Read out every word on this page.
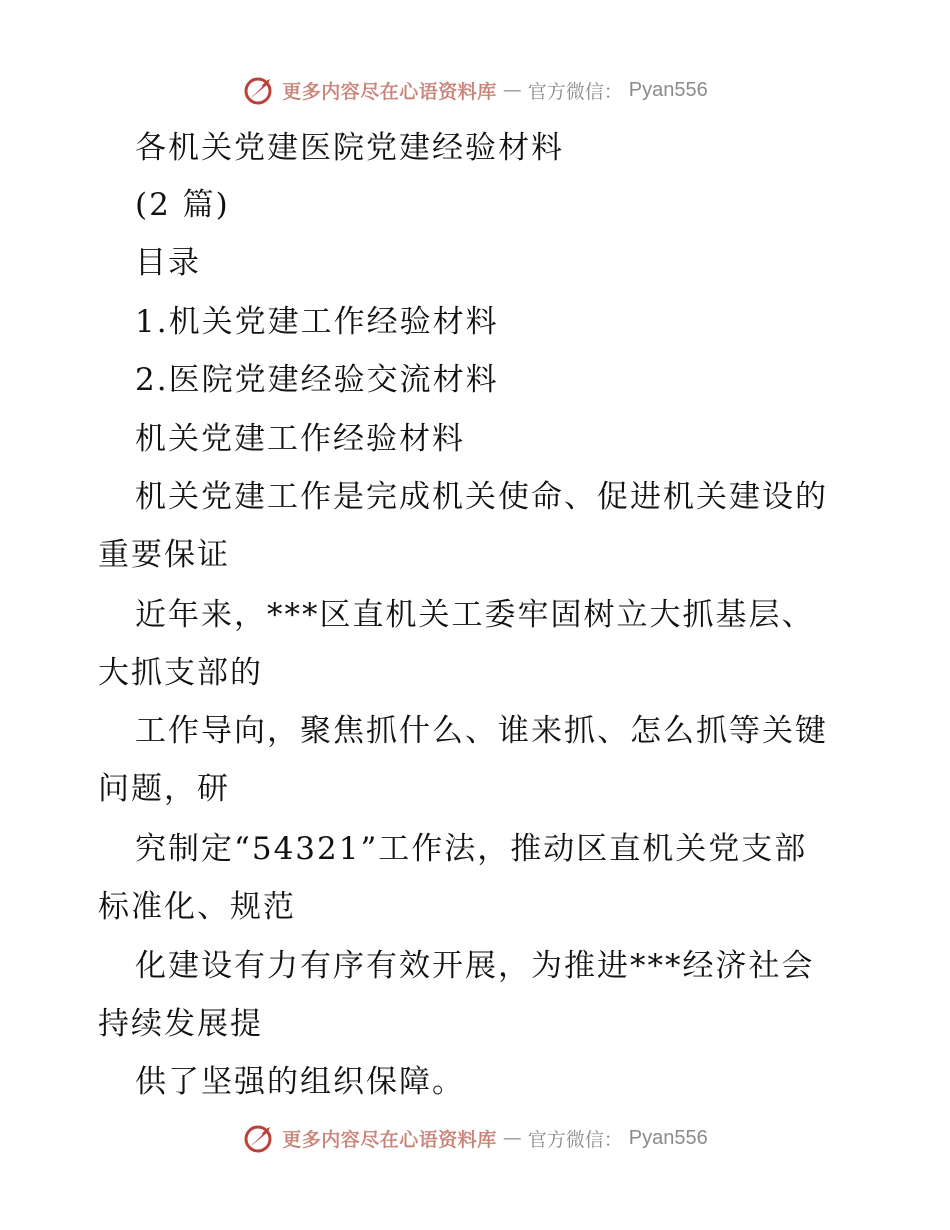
更多内容尽在心语资料库 — 官方微信： Pyan556
各机关党建医院党建经验材料
(2 篇)
目录
1.机关党建工作经验材料
2.医院党建经验交流材料
机关党建工作经验材料
机关党建工作是完成机关使命、促进机关建设的
重要保证
近年来，***区直机关工委牢固树立大抓基层、
大抓支部的
工作导向，聚焦抓什么、谁来抓、怎么抓等关键
问题，研
究制定“54321”工作法，推动区直机关党支部
标准化、规范
化建设有力有序有效开展，为推进***经济社会
持续发展提
供了坚强的组织保障。
更多内容尽在心语资料库 — 官方微信： Pyan556
